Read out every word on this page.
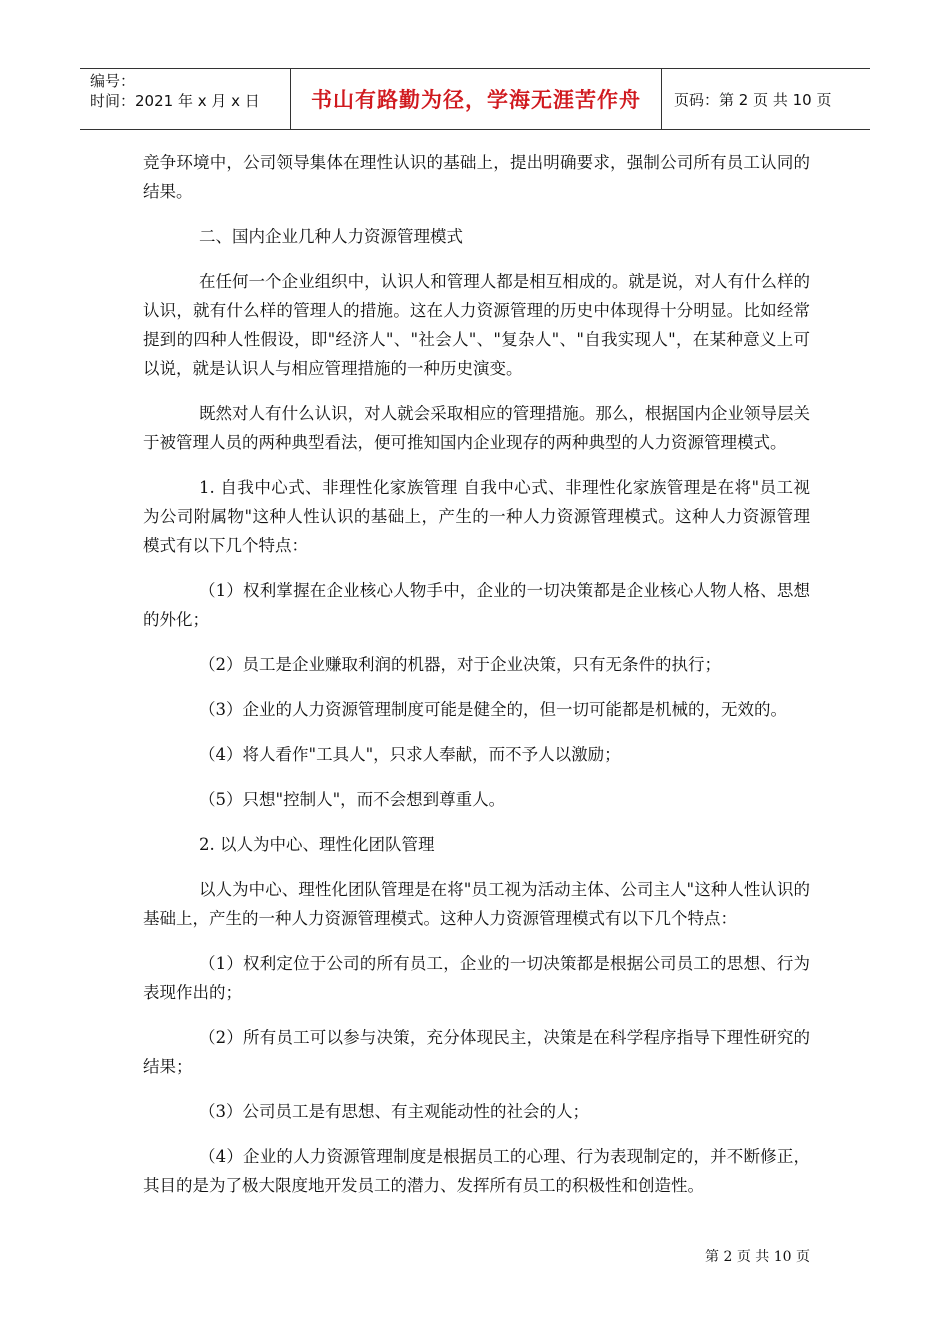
编号：
时间：2021 年 x 月 x 日	书山有路勤为径，学海无涯苦作舟	页码：第 2 页 共 10 页

竞争环境中，公司领导集体在理性认识的基础上，提出明确要求，强制公司所有员工认同的结果。

二、国内企业几种人力资源管理模式

在任何一个企业组织中，认识人和管理人都是相互相成的。就是说，对人有什么样的认识，就有什么样的管理人的措施。这在人力资源管理的历史中体现得十分明显。比如经常提到的四种人性假设，即"经济人"、"社会人"、"复杂人"、"自我实现人"，在某种意义上可以说，就是认识人与相应管理措施的一种历史演变。

既然对人有什么认识，对人就会采取相应的管理措施。那么，根据国内企业领导层关于被管理人员的两种典型看法，便可推知国内企业现存的两种典型的人力资源管理模式。

1. 自我中心式、非理性化家族管理 自我中心式、非理性化家族管理是在将"员工视为公司附属物"这种人性认识的基础上，产生的一种人力资源管理模式。这种人力资源管理模式有以下几个特点：

（1）权利掌握在企业核心人物手中，企业的一切决策都是企业核心人物人格、思想的外化；

（2）员工是企业赚取利润的机器，对于企业决策，只有无条件的执行；

（3）企业的人力资源管理制度可能是健全的，但一切可能都是机械的，无效的。

（4）将人看作"工具人"，只求人奉献，而不予人以激励；

（5）只想"控制人"，而不会想到尊重人。

2. 以人为中心、理性化团队管理

以人为中心、理性化团队管理是在将"员工视为活动主体、公司主人"这种人性认识的基础上，产生的一种人力资源管理模式。这种人力资源管理模式有以下几个特点：

（1）权利定位于公司的所有员工，企业的一切决策都是根据公司员工的思想、行为表现作出的；

（2）所有员工可以参与决策，充分体现民主，决策是在科学程序指导下理性研究的结果；

（3）公司员工是有思想、有主观能动性的社会的人；

（4）企业的人力资源管理制度是根据员工的心理、行为表现制定的，并不断修正，其目的是为了极大限度地开发员工的潜力、发挥所有员工的积极性和创造性。

第 2 页 共 10 页
